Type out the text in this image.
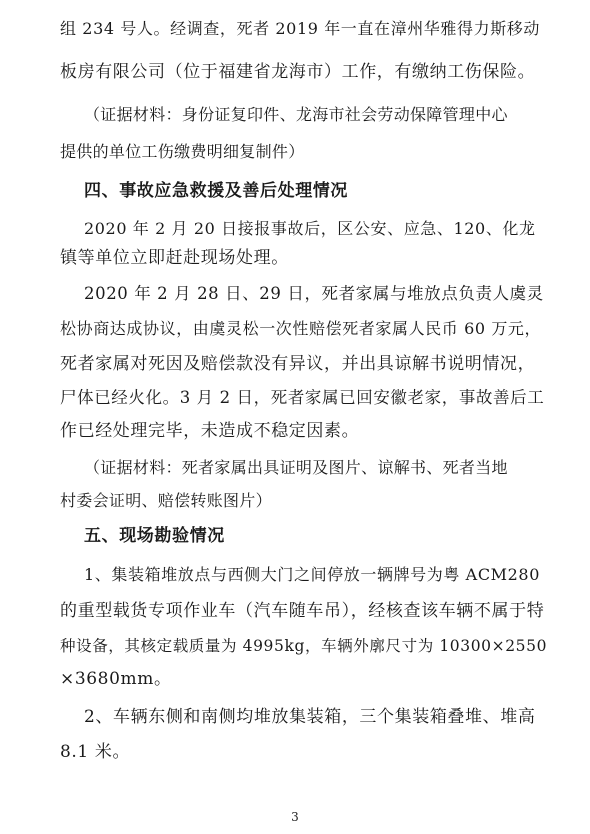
组 234 号人。经调查，死者 2019 年一直在漳州华雅得力斯移动
板房有限公司（位于福建省龙海市）工作，有缴纳工伤保险。
（证据材料：身份证复印件、龙海市社会劳动保障管理中心
提供的单位工伤缴费明细复制件）
四、事故应急救援及善后处理情况
2020 年 2 月 20 日接报事故后，区公安、应急、120、化龙
镇等单位立即赶赴现场处理。
2020 年 2 月 28 日、29 日，死者家属与堆放点负责人虞灵
松协商达成协议，由虞灵松一次性赔偿死者家属人民币 60 万元，
死者家属对死因及赔偿款没有异议，并出具谅解书说明情况，
尸体已经火化。3 月 2 日，死者家属已回安徽老家，事故善后工
作已经处理完毕，未造成不稳定因素。
（证据材料：死者家属出具证明及图片、谅解书、死者当地
村委会证明、赔偿转账图片）
五、现场勘验情况
1、集装箱堆放点与西侧大门之间停放一辆牌号为粤 ACM280
的重型载货专项作业车（汽车随车吊），经核查该车辆不属于特
种设备，其核定载质量为 4995kg，车辆外廓尺寸为 10300×2550
×3680mm。
2、车辆东侧和南侧均堆放集装箱，三个集装箱叠堆、堆高
8.1 米。
3
